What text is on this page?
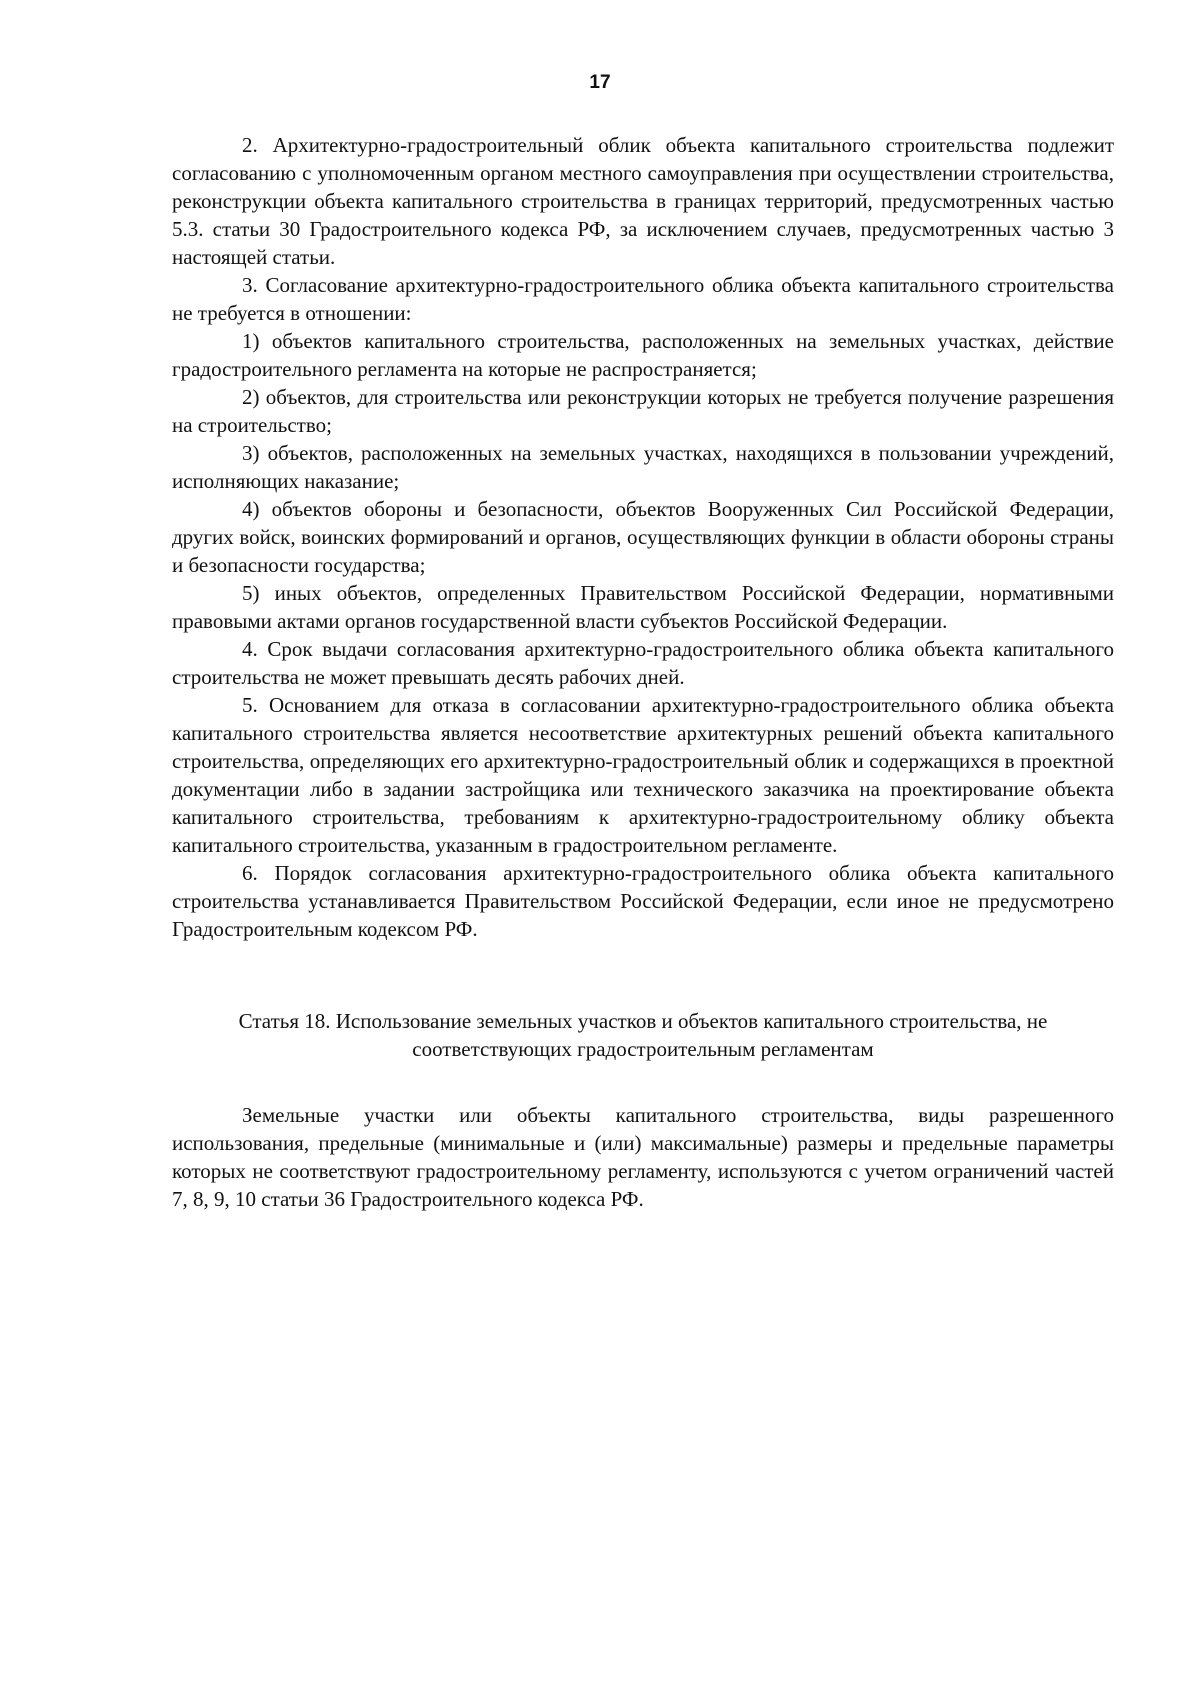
17

2. Архитектурно-градостроительный облик объекта капитального строительства подлежит согласованию с уполномоченным органом местного самоуправления при осуществлении строительства, реконструкции объекта капитального строительства в границах территорий, предусмотренных частью 5.3. статьи 30 Градостроительного кодекса РФ, за исключением случаев, предусмотренных частью 3 настоящей статьи.

3. Согласование архитектурно-градостроительного облика объекта капитального строительства не требуется в отношении:

1) объектов капитального строительства, расположенных на земельных участках, действие градостроительного регламента на которые не распространяется;

2) объектов, для строительства или реконструкции которых не требуется получение разрешения на строительство;

3) объектов, расположенных на земельных участках, находящихся в пользовании учреждений, исполняющих наказание;

4) объектов обороны и безопасности, объектов Вооруженных Сил Российской Федерации, других войск, воинских формирований и органов, осуществляющих функции в области обороны страны и безопасности государства;

5) иных объектов, определенных Правительством Российской Федерации, нормативными правовыми актами органов государственной власти субъектов Российской Федерации.

4. Срок выдачи согласования архитектурно-градостроительного облика объекта капитального строительства не может превышать десять рабочих дней.

5. Основанием для отказа в согласовании архитектурно-градостроительного облика объекта капитального строительства является несоответствие архитектурных решений объекта капитального строительства, определяющих его архитектурно-градостроительный облик и содержащихся в проектной документации либо в задании застройщика или технического заказчика на проектирование объекта капитального строительства, требованиям к архитектурно-градостроительному облику объекта капитального строительства, указанным в градостроительном регламенте.

6. Порядок согласования архитектурно-градостроительного облика объекта капитального строительства устанавливается Правительством Российской Федерации, если иное не предусмотрено Градостроительным кодексом РФ.

Статья 18. Использование земельных участков и объектов капитального строительства, не
соответствующих градостроительным регламентам

Земельные участки или объекты капитального строительства, виды разрешенного использования, предельные (минимальные и (или) максимальные) размеры и предельные параметры которых не соответствуют градостроительному регламенту, используются с учетом ограничений частей 7, 8, 9, 10 статьи 36 Градостроительного кодекса РФ.
